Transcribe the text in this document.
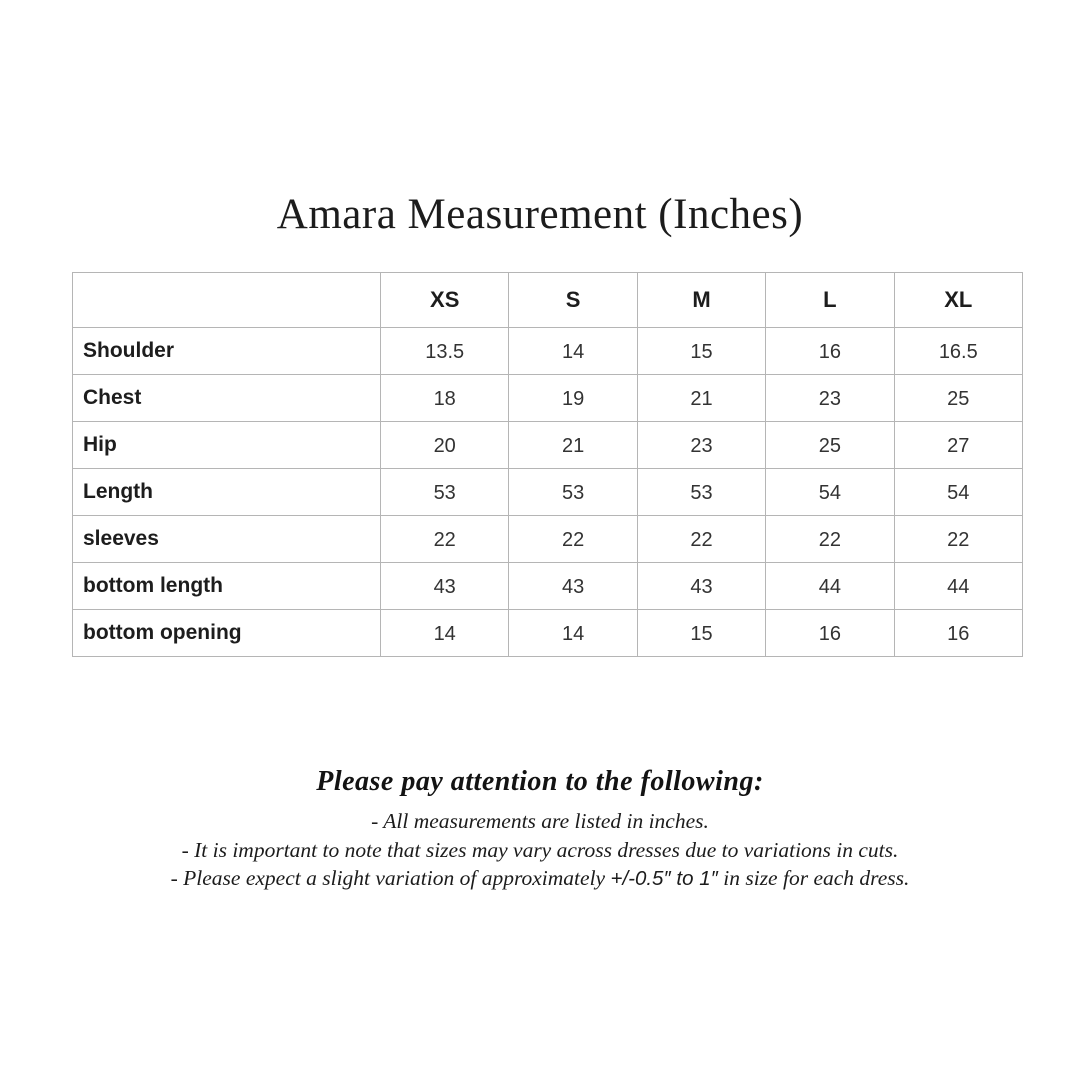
Amara Measurement (Inches)
	XS	S	M	L	XL
Shoulder	13.5	14	15	16	16.5
Chest	18	19	21	23	25
Hip	20	21	23	25	27
Length	53	53	53	54	54
sleeves	22	22	22	22	22
bottom length	43	43	43	44	44
bottom opening	14	14	15	16	16
Please pay attention to the following:
- All measurements are listed in inches.
- It is important to note that sizes may vary across dresses due to variations in cuts.
- Please expect a slight variation of approximately +/-0.5″ to 1″ in size for each dress.
